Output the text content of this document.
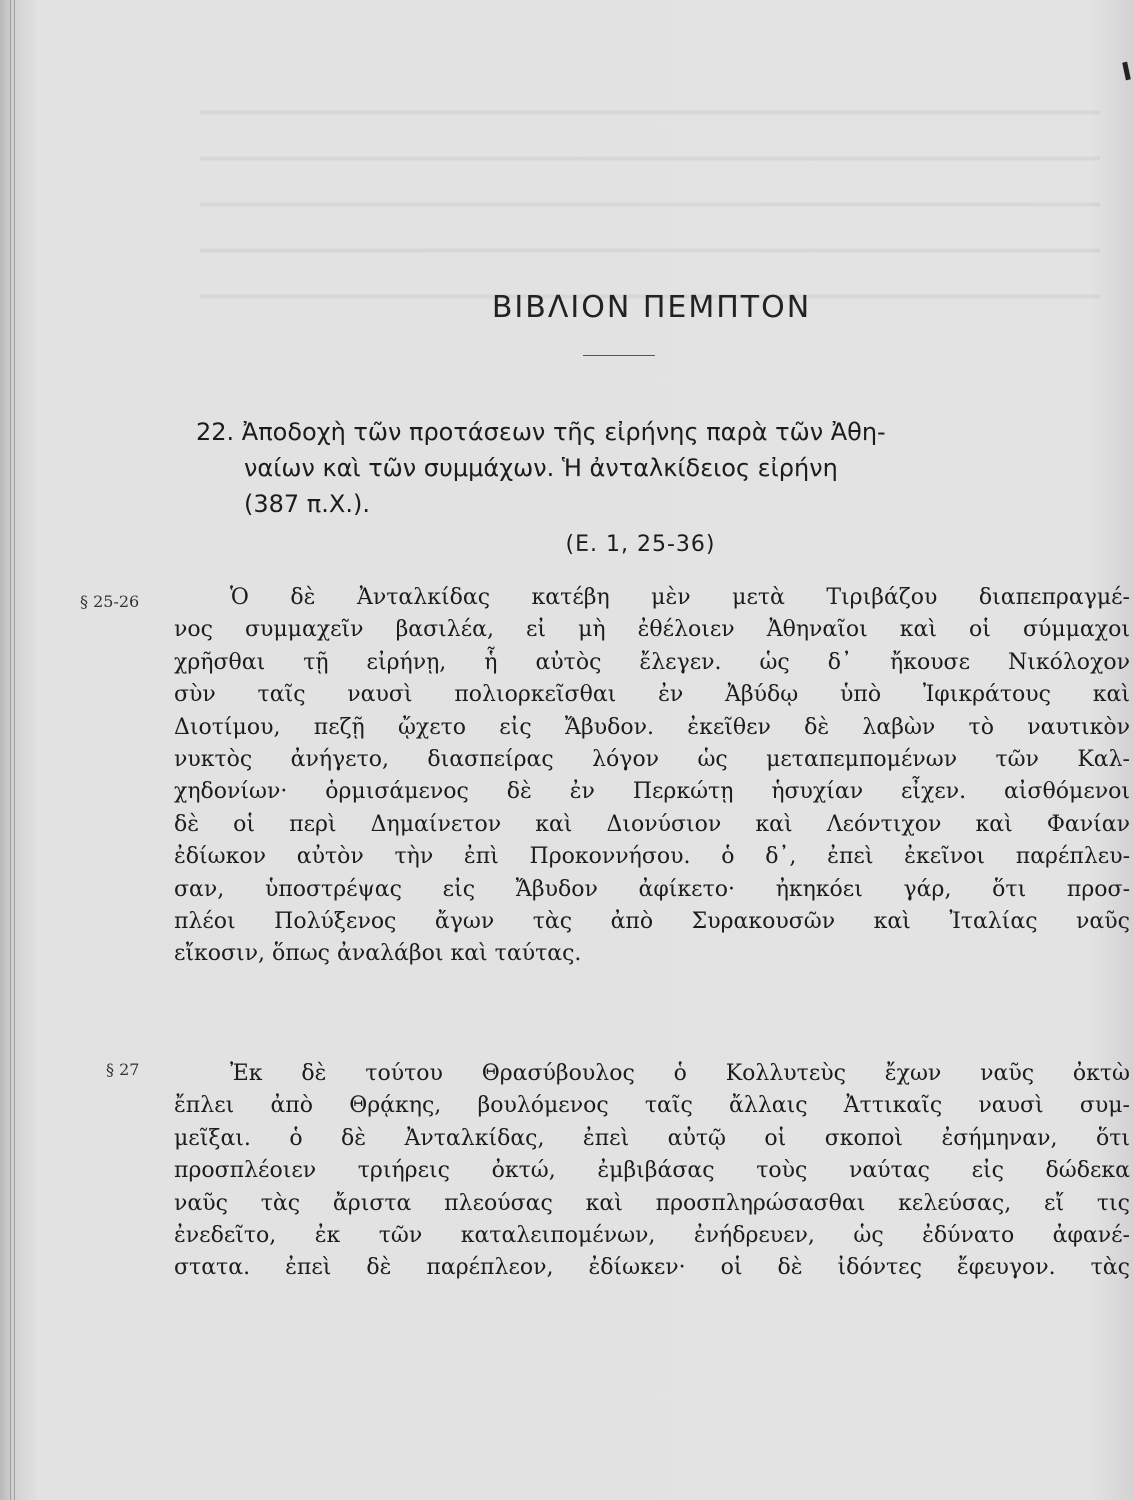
ΒΙΒΛΙΟΝ ΠΕΜΠΤΟΝ
22. Ἀποδοχὴ τῶν προτάσεων τῆς εἰρήνης παρὰ τῶν Ἀθη-
ναίων καὶ τῶν συμμάχων. Ἡ ἀνταλκίδειος εἰρήνη
(387 π.Χ.).
(Ε. 1, 25-36)
§ 25-26	Ὁ δὲ Ἀνταλκίδας κατέβη μὲν μετὰ Τιριβάζου διαπεπραγμέ-
νος συμμαχεῖν βασιλέα, εἰ μὴ ἐθέλοιεν Ἀθηναῖοι καὶ οἱ σύμμαχοι
χρῆσθαι τῇ εἰρήνῃ, ἧ αὐτὸς ἔλεγεν. ὡς δ᾽ ἤκουσε Νικόλοχον
σὺν ταῖς ναυσὶ πολιορκεῖσθαι ἐν Ἀβύδῳ ὑπὸ Ἰφικράτους καὶ
Διοτίμου, πεζῇ ᾤχετο εἰς Ἄβυδον. ἐκεῖθεν δὲ λαβὼν τὸ ναυτικὸν
νυκτὸς ἀνήγετο, διασπείρας λόγον ὡς μεταπεμπομένων τῶν Καλ-
χηδονίων· ὁρμισάμενος δὲ ἐν Περκώτῃ ἡσυχίαν εἶχεν. αἰσθόμενοι
δὲ οἱ περὶ Δημαίνετον καὶ Διονύσιον καὶ Λεόντιχον καὶ Φανίαν
ἐδίωκον αὐτὸν τὴν ἐπὶ Προκοννήσου. ὁ δ᾽, ἐπεὶ ἐκεῖνοι παρέπλευ-
σαν, ὑποστρέψας εἰς Ἄβυδον ἀφίκετο· ἠκηκόει γάρ, ὅτι προσ-
πλέοι Πολύξενος ἄγων τὰς ἀπὸ Συρακουσῶν καὶ Ἰταλίας ναῦς
εἴκοσιν, ὅπως ἀναλάβοι καὶ ταύτας.
§ 27	Ἐκ δὲ τούτου Θρασύβουλος ὁ Κολλυτεὺς ἔχων ναῦς ὀκτὼ
ἔπλει ἀπὸ Θρᾴκης, βουλόμενος ταῖς ἄλλαις Ἀττικαῖς ναυσὶ συμ-
μεῖξαι. ὁ δὲ Ἀνταλκίδας, ἐπεὶ αὐτῷ οἱ σκοποὶ ἐσήμηναν, ὅτι
προσπλέοιεν τριήρεις ὀκτώ, ἐμβιβάσας τοὺς ναύτας εἰς δώδεκα
ναῦς τὰς ἄριστα πλεούσας καὶ προσπληρώσασθαι κελεύσας, εἴ τις
ἐνεδεῖτο, ἐκ τῶν καταλειπομένων, ἐνήδρευεν, ὡς ἐδύνατο ἀφανέ-
στατα. ἐπεὶ δὲ παρέπλεον, ἐδίωκεν· οἱ δὲ ἰδόντες ἔφευγον. τὰς
